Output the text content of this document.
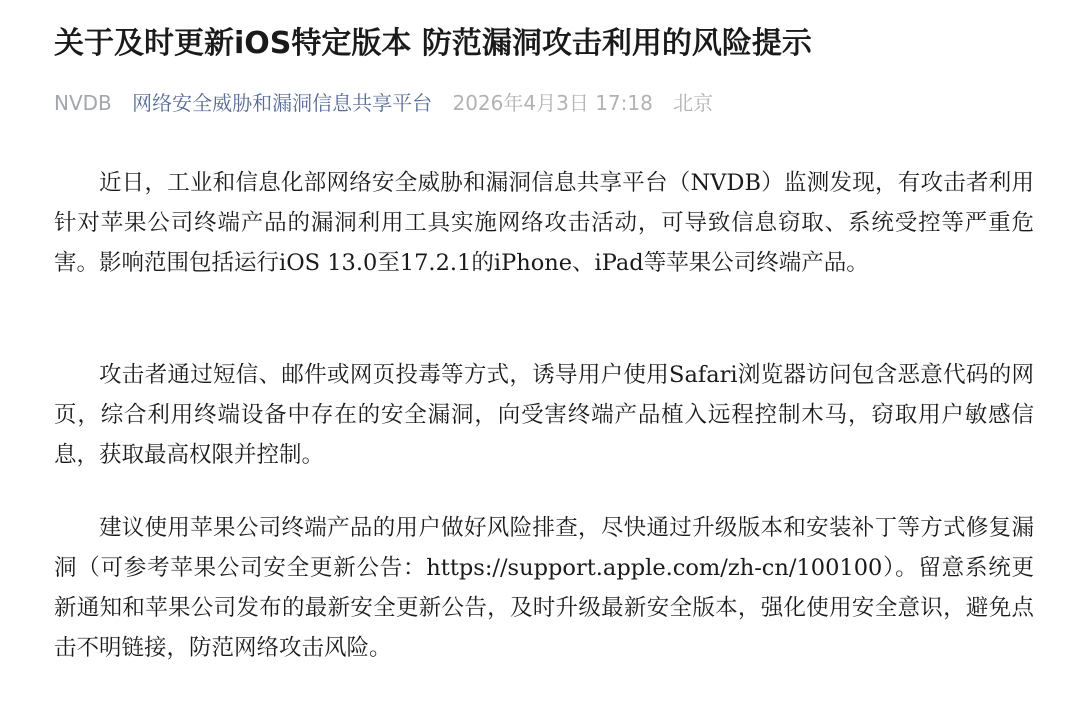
关于及时更新iOS特定版本 防范漏洞攻击利用的风险提示
NVDB 网络安全威胁和漏洞信息共享平台 2026年4月3日 17:18 北京

近日，工业和信息化部网络安全威胁和漏洞信息共享平台（NVDB）监测发现，有攻击者利用针对苹果公司终端产品的漏洞利用工具实施网络攻击活动，可导致信息窃取、系统受控等严重危害。影响范围包括运行iOS 13.0至17.2.1的iPhone、iPad等苹果公司终端产品。

攻击者通过短信、邮件或网页投毒等方式，诱导用户使用Safari浏览器访问包含恶意代码的网页，综合利用终端设备中存在的安全漏洞，向受害终端产品植入远程控制木马，窃取用户敏感信息，获取最高权限并控制。

建议使用苹果公司终端产品的用户做好风险排查，尽快通过升级版本和安装补丁等方式修复漏洞（可参考苹果公司安全更新公告：https://support.apple.com/zh-cn/100100）。留意系统更新通知和苹果公司发布的最新安全更新公告，及时升级最新安全版本，强化使用安全意识，避免点击不明链接，防范网络攻击风险。
